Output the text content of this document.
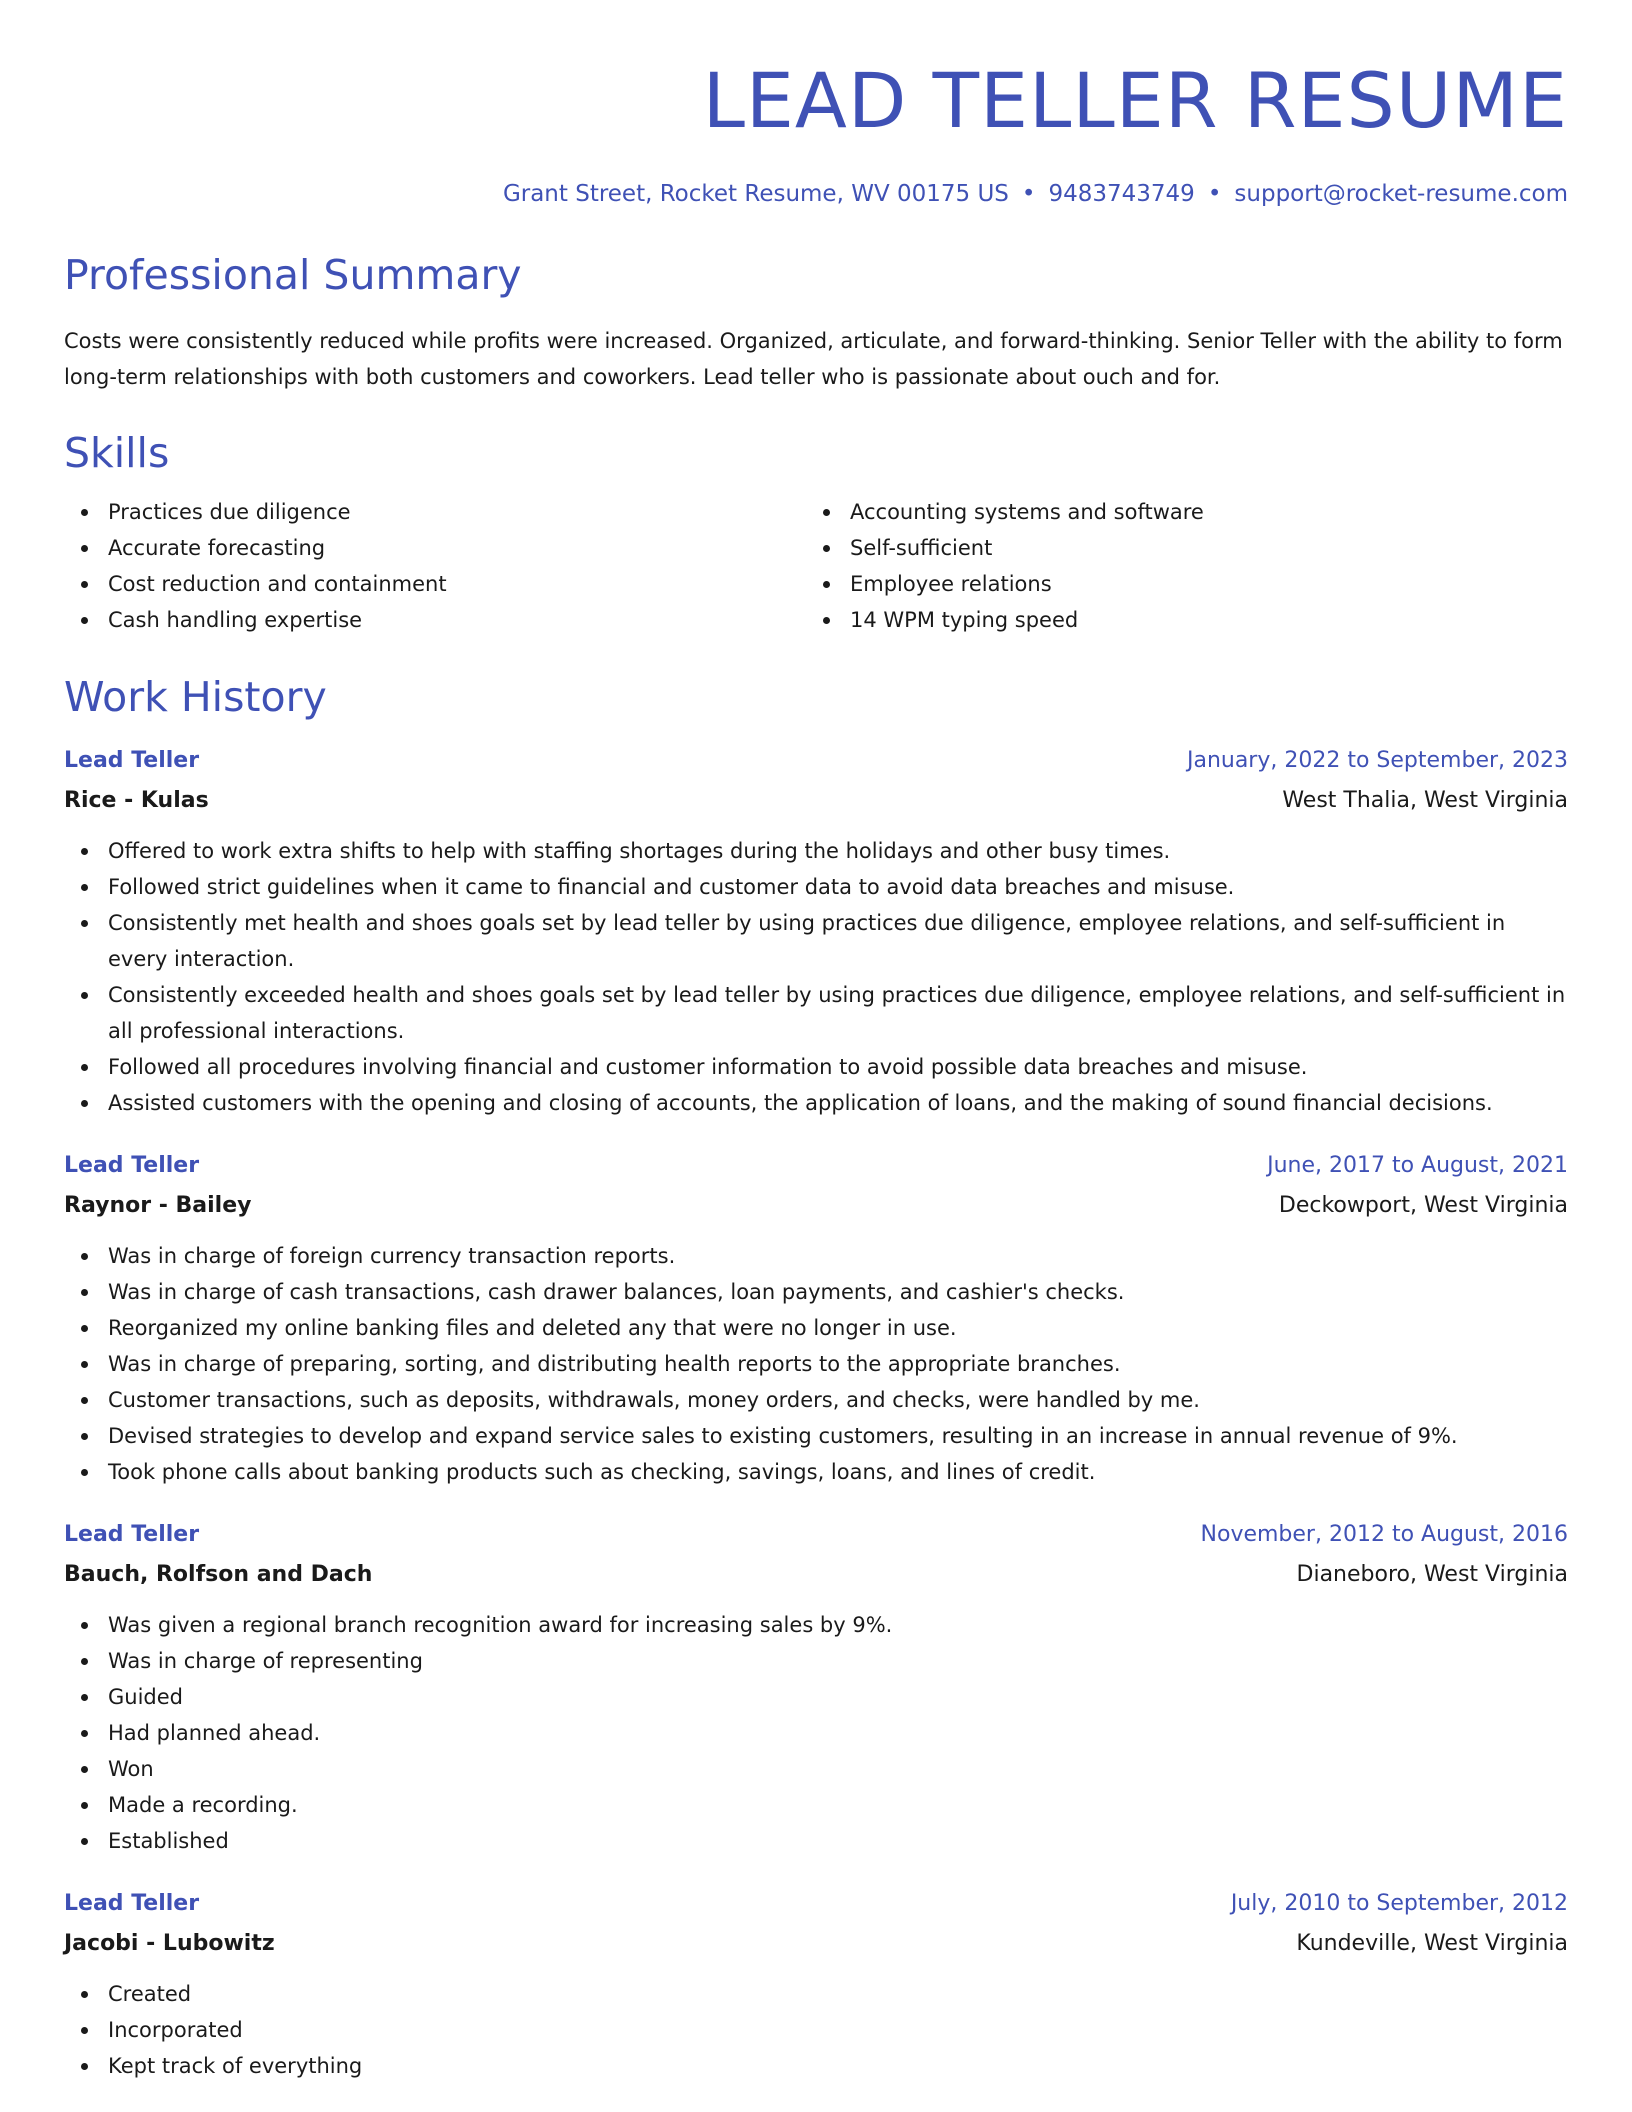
LEAD TELLER RESUME
Grant Street, Rocket Resume, WV 00175 US • 9483743749 • support@rocket-resume.com
Professional Summary
Costs were consistently reduced while profits were increased. Organized, articulate, and forward-thinking. Senior Teller with the ability to form long-term relationships with both customers and coworkers. Lead teller who is passionate about ouch and for.
Skills
Practices due diligence
Accurate forecasting
Cost reduction and containment
Cash handling expertise
Accounting systems and software
Self-sufficient
Employee relations
14 WPM typing speed
Work History
Lead Teller	January, 2022 to September, 2023
Rice - Kulas	West Thalia, West Virginia
Offered to work extra shifts to help with staffing shortages during the holidays and other busy times.
Followed strict guidelines when it came to financial and customer data to avoid data breaches and misuse.
Consistently met health and shoes goals set by lead teller by using practices due diligence, employee relations, and self-sufficient in every interaction.
Consistently exceeded health and shoes goals set by lead teller by using practices due diligence, employee relations, and self-sufficient in all professional interactions.
Followed all procedures involving financial and customer information to avoid possible data breaches and misuse.
Assisted customers with the opening and closing of accounts, the application of loans, and the making of sound financial decisions.
Lead Teller	June, 2017 to August, 2021
Raynor - Bailey	Deckowport, West Virginia
Was in charge of foreign currency transaction reports.
Was in charge of cash transactions, cash drawer balances, loan payments, and cashier's checks.
Reorganized my online banking files and deleted any that were no longer in use.
Was in charge of preparing, sorting, and distributing health reports to the appropriate branches.
Customer transactions, such as deposits, withdrawals, money orders, and checks, were handled by me.
Devised strategies to develop and expand service sales to existing customers, resulting in an increase in annual revenue of 9%.
Took phone calls about banking products such as checking, savings, loans, and lines of credit.
Lead Teller	November, 2012 to August, 2016
Bauch, Rolfson and Dach	Dianeboro, West Virginia
Was given a regional branch recognition award for increasing sales by 9%.
Was in charge of representing
Guided
Had planned ahead.
Won
Made a recording.
Established
Lead Teller	July, 2010 to September, 2012
Jacobi - Lubowitz	Kundeville, West Virginia
Created
Incorporated
Kept track of everything
